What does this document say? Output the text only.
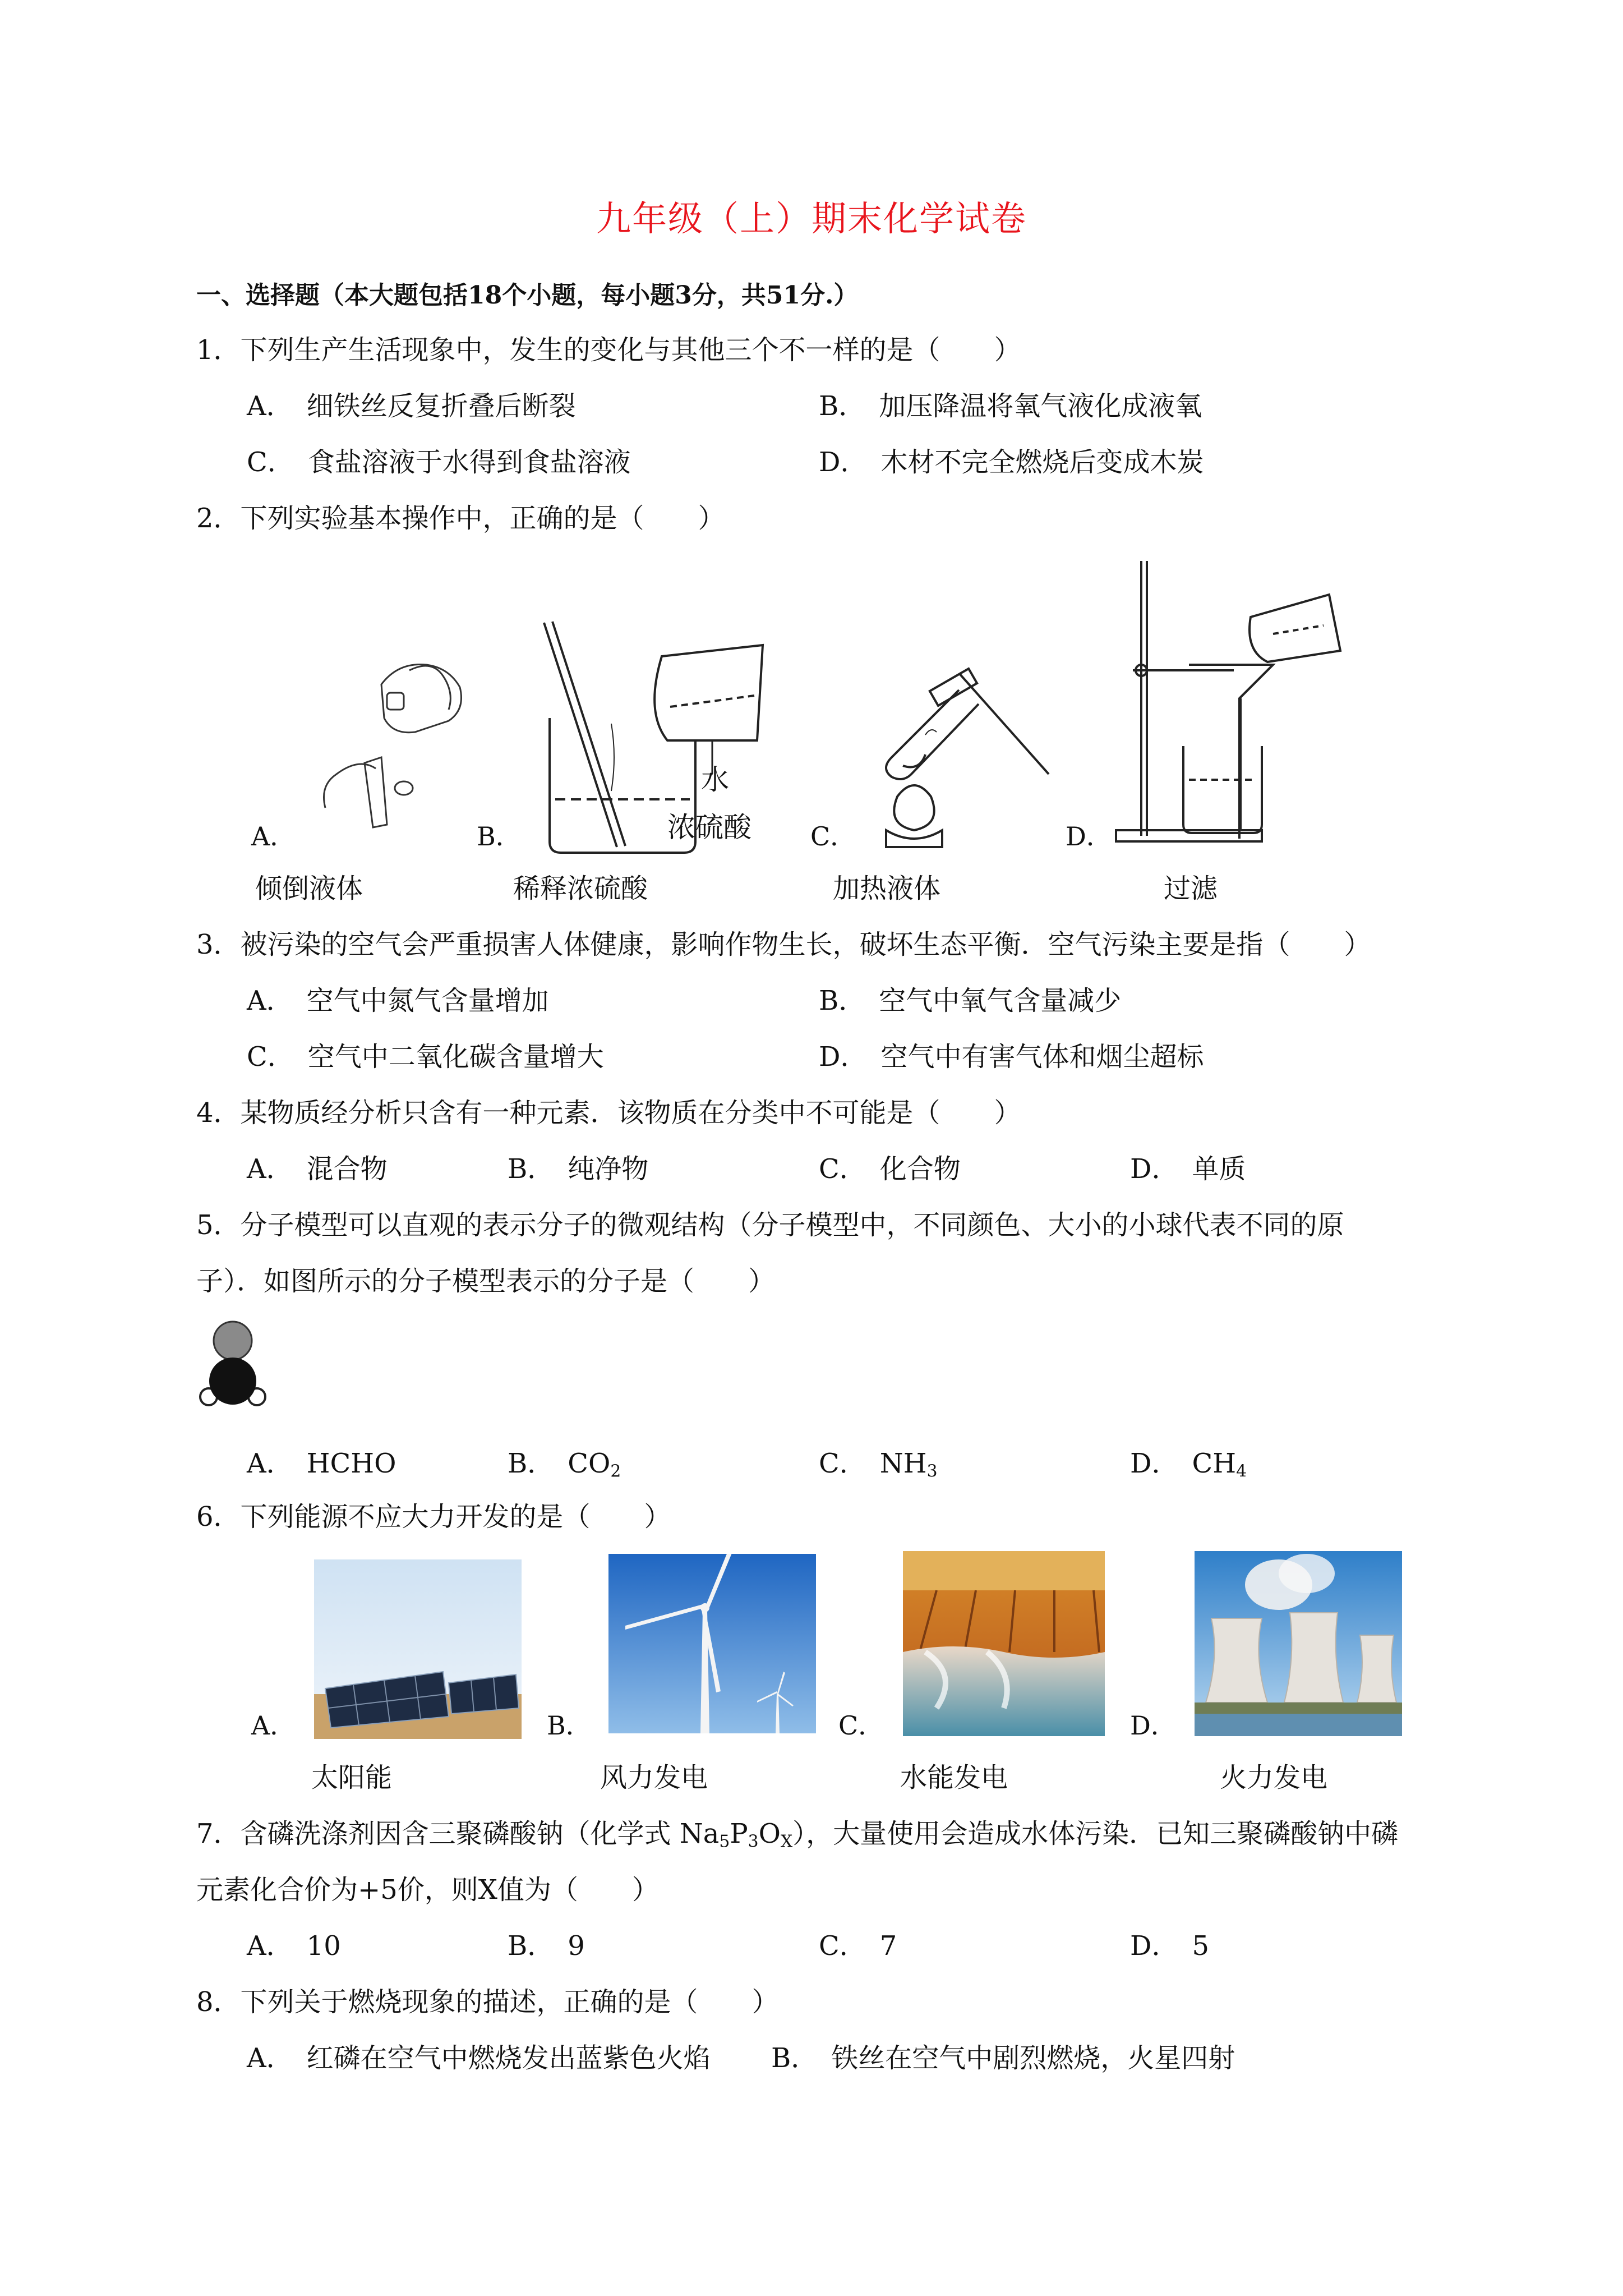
九年级（上）期末化学试卷
一、选择题（本大题包括18个小题，每小题3分，共51分.）
1．下列生产生活现象中，发生的变化与其他三个不一样的是（　　）
A．　细铁丝反复折叠后断裂	B．　加压降温将氧气液化成液氧
C．　食盐溶液于水得到食盐溶液	D．　木材不完全燃烧后变成木炭
2．下列实验基本操作中，正确的是（　　）
水
浓硫酸
A．	B．	C．	D．
倾倒液体	稀释浓硫酸	加热液体	过滤
3．被污染的空气会严重损害人体健康，影响作物生长，破坏生态平衡．空气污染主要是指（　　）
A．　空气中氮气含量增加	B．　空气中氧气含量减少
C．　空气中二氧化碳含量增大	D．　空气中有害气体和烟尘超标
4．某物质经分析只含有一种元素．该物质在分类中不可能是（　　）
A．　混合物	B．　纯净物	C．　化合物	D．　单质
5．分子模型可以直观的表示分子的微观结构（分子模型中，不同颜色、大小的小球代表不同的原
子）．如图所示的分子模型表示的分子是（　　）
A．　HCHO	B．　$CO_2$	C．　$NH_3$	D．　$CH_4$
6．下列能源不应大力开发的是（　　）
A．	B．	C．	D．
太阳能	风力发电	水能发电	火力发电
7．含磷洗涤剂因含三聚磷酸钠（化学式 $Na_5P_3O_X$），大量使用会造成水体污染．已知三聚磷酸钠中磷
元素化合价为+5价，则X值为（　　）
A．　10	B．　9	C．　7	D．　5
8．下列关于燃烧现象的描述，正确的是（　　）
A．　红磷在空气中燃烧发出蓝紫色火焰 B．　铁丝在空气中剧烈燃烧，火星四射
